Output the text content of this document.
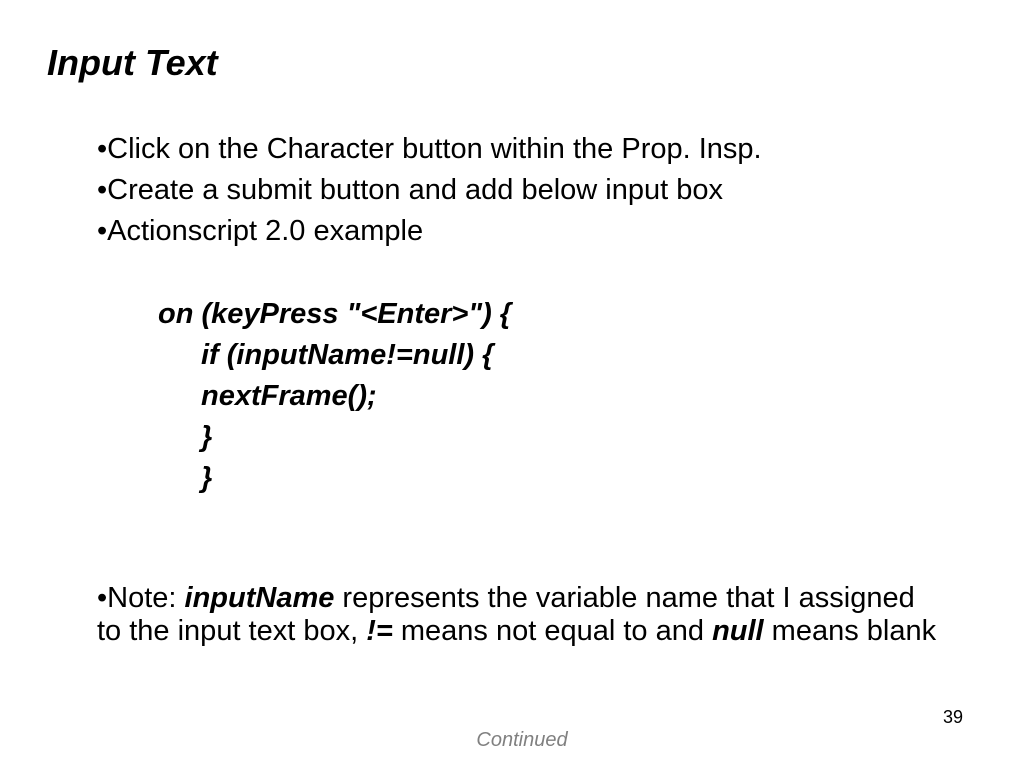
Input Text
•Click on the Character button within the Prop. Insp.
•Create a submit button and add below input box
•Actionscript 2.0 example
on (keyPress "<Enter>") {
if (inputName!=null) {
nextFrame();
}
}

•Note: inputName represents the variable name that I assigned to the input text box, != means not equal to and null means blank

39
Continued
